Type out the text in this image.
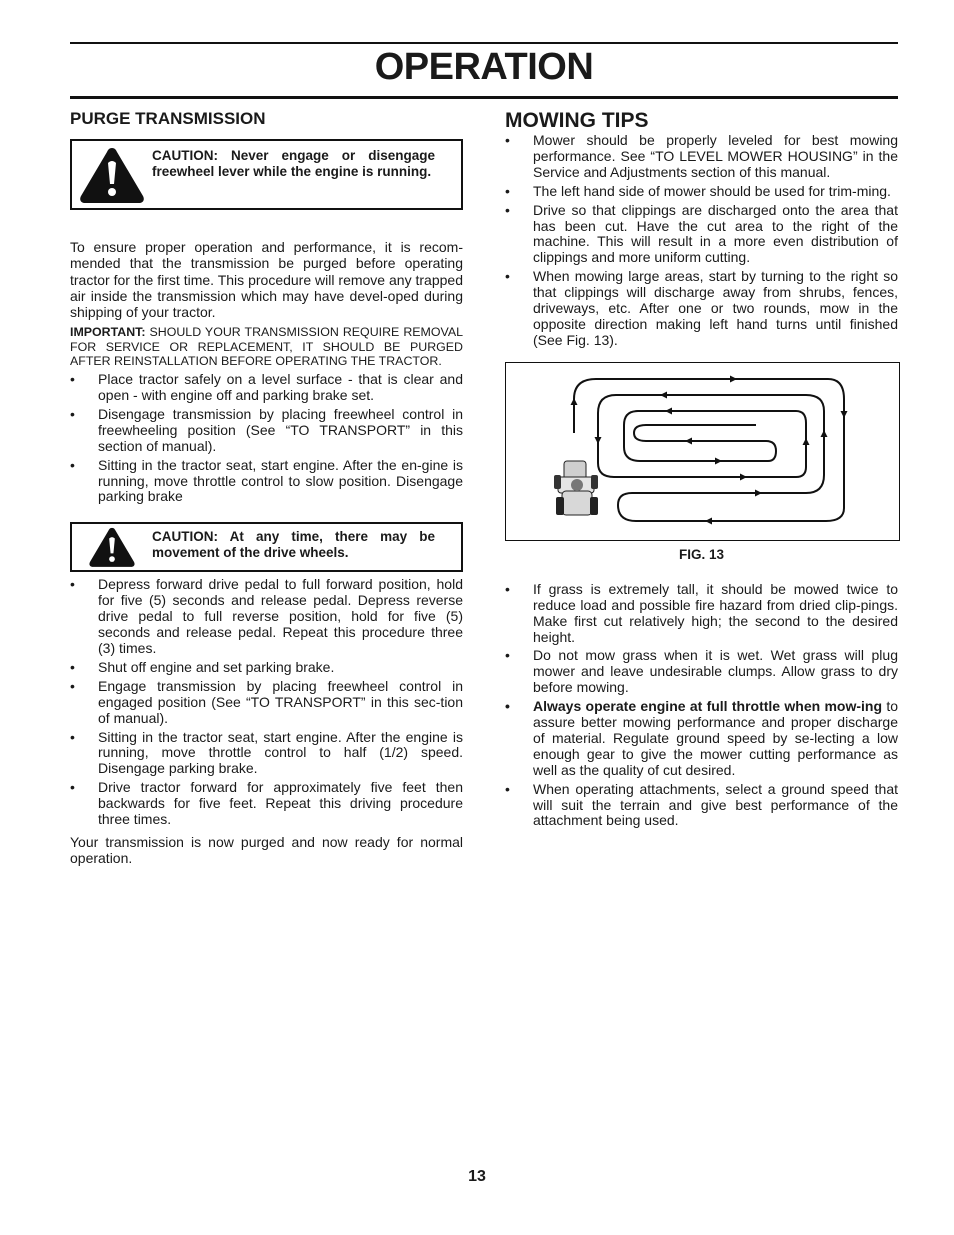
OPERATION
PURGE TRANSMISSION
CAUTION: Never engage or disengage freewheel lever while the engine is running.

To ensure proper operation and performance, it is recom-mended that the transmission be purged before operating tractor for the first time. This procedure will remove any trapped air inside the transmission which may have devel-oped during shipping of your tractor.

IMPORTANT: SHOULD YOUR TRANSMISSION REQUIRE REMOVAL FOR SERVICE OR REPLACEMENT, IT SHOULD BE PURGED AFTER REINSTALLATION BEFORE OPERATING THE TRACTOR.

• Place tractor safely on a level surface - that is clear and open - with engine off and parking brake set.
• Disengage transmission by placing freewheel control in freewheeling position (See “TO TRANSPORT” in this section of manual).
• Sitting in the tractor seat, start engine. After the en-gine is running, move throttle control to slow position. Disengage parking brake
CAUTION: At any time, there may be movement of the drive wheels.
• Depress forward drive pedal to full forward position, hold for five (5) seconds and release pedal. Depress reverse drive pedal to full reverse position, hold for five (5) seconds and release pedal. Repeat this procedure three (3) times.
• Shut off engine and set parking brake.
• Engage transmission by placing freewheel control in engaged position (See “TO TRANSPORT” in this sec-tion of manual).
• Sitting in the tractor seat, start engine. After the engine is running, move throttle control to half (1/2) speed. Disengage parking brake.
• Drive tractor forward for approximately five feet then backwards for five feet. Repeat this driving procedure three times.

Your transmission is now purged and now ready for normal operation.

MOWING TIPS
• Mower should be properly leveled for best mowing performance. See “TO LEVEL MOWER HOUSING” in the Service and Adjustments section of this manual.
• The left hand side of mower should be used for trim-ming.
• Drive so that clippings are discharged onto the area that has been cut. Have the cut area to the right of the machine. This will result in a more even distribution of clippings and more uniform cutting.
• When mowing large areas, start by turning to the right so that clippings will discharge away from shrubs, fences, driveways, etc. After one or two rounds, mow in the opposite direction making left hand turns until finished (See Fig. 13).
FIG. 13
• If grass is extremely tall, it should be mowed twice to reduce load and possible fire hazard from dried clip-pings. Make first cut relatively high; the second to the desired height.
• Do not mow grass when it is wet. Wet grass will plug mower and leave undesirable clumps. Allow grass to dry before mowing.
• Always operate engine at full throttle when mow-ing to assure better mowing performance and proper discharge of material. Regulate ground speed by se-lecting a low enough gear to give the mower cutting performance as well as the quality of cut desired.
• When operating attachments, select a ground speed that will suit the terrain and give best performance of the attachment being used.
13
